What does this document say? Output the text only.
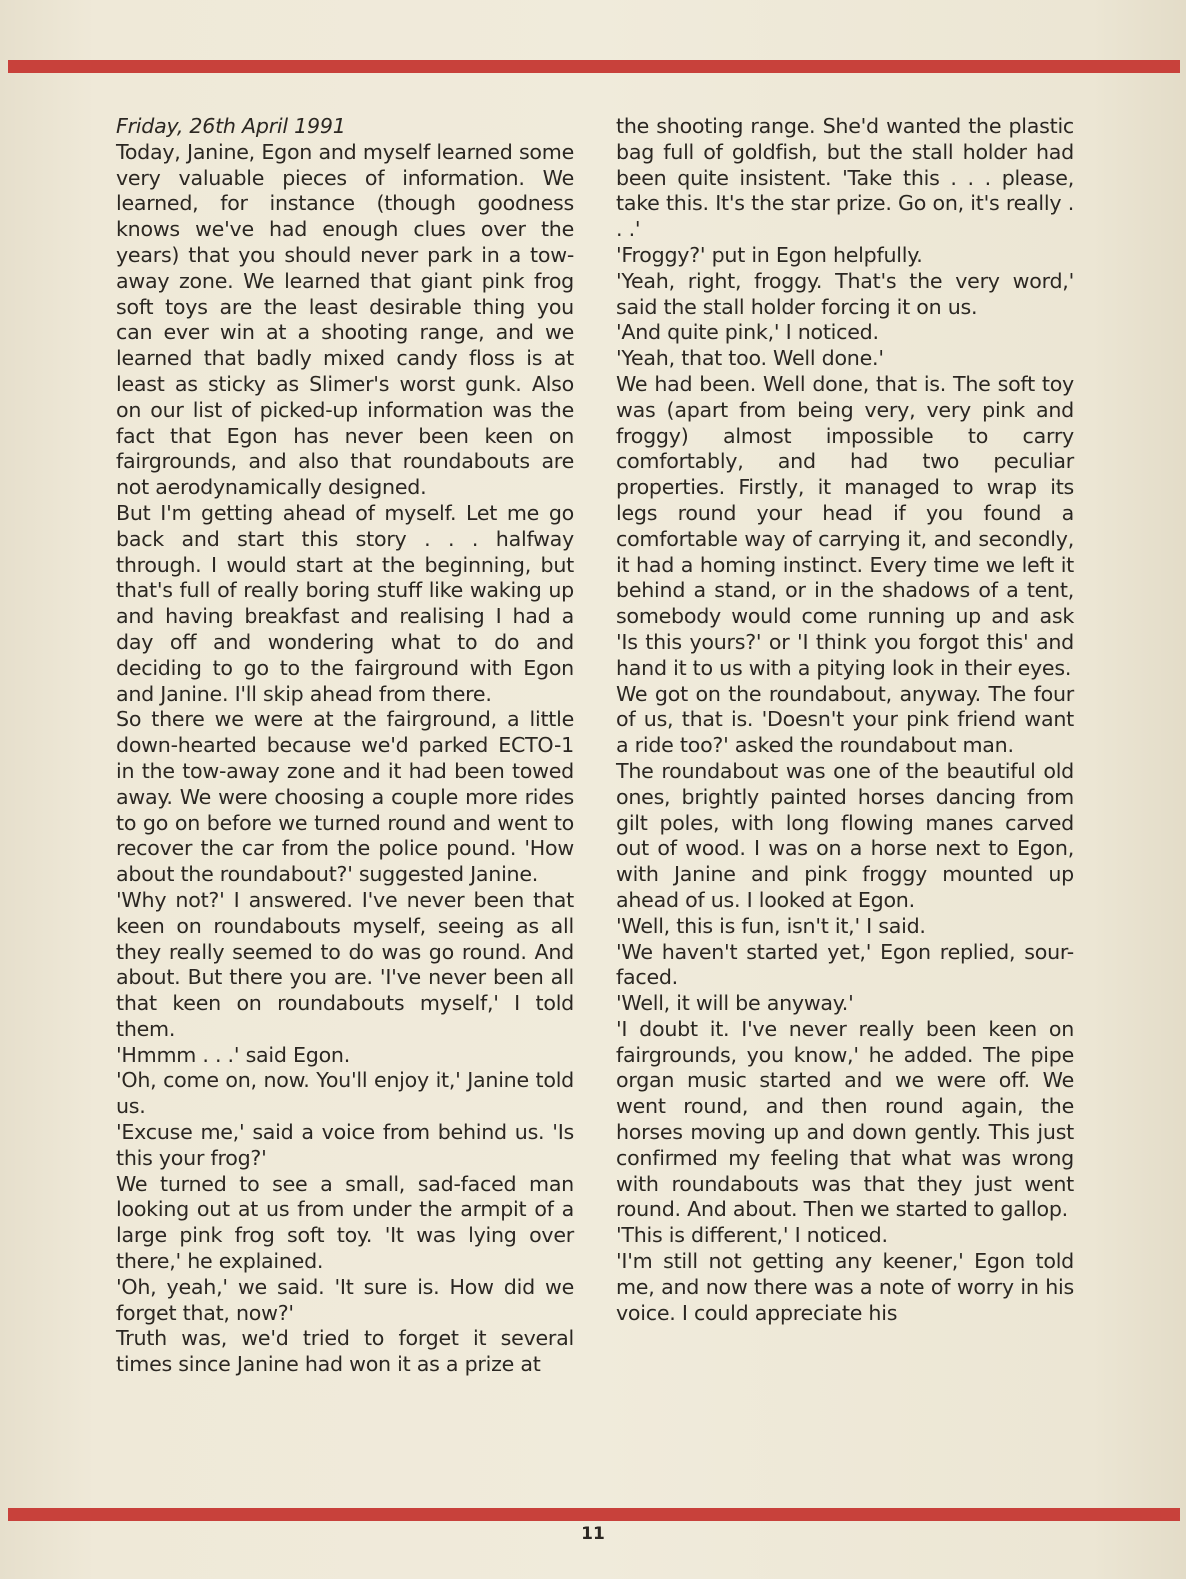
Friday, 26th April 1991

Today, Janine, Egon and myself learned some very valuable pieces of information. We learned, for instance (though goodness knows we've had enough clues over the years) that you should never park in a tow-away zone. We learned that giant pink frog soft toys are the least desirable thing you can ever win at a shooting range, and we learned that badly mixed candy floss is at least as sticky as Slimer's worst gunk. Also on our list of picked-up information was the fact that Egon has never been keen on fairgrounds, and also that roundabouts are not aerodynamically designed.

But I'm getting ahead of myself. Let me go back and start this story . . . halfway through. I would start at the beginning, but that's full of really boring stuff like waking up and having breakfast and realising I had a day off and wondering what to do and deciding to go to the fairground with Egon and Janine. I'll skip ahead from there.

So there we were at the fairground, a little down-hearted because we'd parked ECTO-1 in the tow-away zone and it had been towed away. We were choosing a couple more rides to go on before we turned round and went to recover the car from the police pound. 'How about the roundabout?' suggested Janine.

'Why not?' I answered. I've never been that keen on roundabouts myself, seeing as all they really seemed to do was go round. And about. But there you are. 'I've never been all that keen on roundabouts myself,' I told them.

'Hmmm . . .' said Egon.

'Oh, come on, now. You'll enjoy it,' Janine told us.

'Excuse me,' said a voice from behind us. 'Is this your frog?'

We turned to see a small, sad-faced man looking out at us from under the armpit of a large pink frog soft toy. 'It was lying over there,' he explained.

'Oh, yeah,' we said. 'It sure is. How did we forget that, now?'

Truth was, we'd tried to forget it several times since Janine had won it as a prize at

the shooting range. She'd wanted the plastic bag full of goldfish, but the stall holder had been quite insistent. 'Take this . . . please, take this. It's the star prize. Go on, it's really . . .'

'Froggy?' put in Egon helpfully.

'Yeah, right, froggy. That's the very word,' said the stall holder forcing it on us.

'And quite pink,' I noticed.

'Yeah, that too. Well done.'

We had been. Well done, that is. The soft toy was (apart from being very, very pink and froggy) almost impossible to carry comfortably, and had two peculiar properties. Firstly, it managed to wrap its legs round your head if you found a comfortable way of carrying it, and secondly, it had a homing instinct. Every time we left it behind a stand, or in the shadows of a tent, somebody would come running up and ask 'Is this yours?' or 'I think you forgot this' and hand it to us with a pitying look in their eyes.

We got on the roundabout, anyway. The four of us, that is. 'Doesn't your pink friend want a ride too?' asked the roundabout man.

The roundabout was one of the beautiful old ones, brightly painted horses dancing from gilt poles, with long flowing manes carved out of wood. I was on a horse next to Egon, with Janine and pink froggy mounted up ahead of us. I looked at Egon.

'Well, this is fun, isn't it,' I said.

'We haven't started yet,' Egon replied, sour-faced.

'Well, it will be anyway.'

'I doubt it. I've never really been keen on fairgrounds, you know,' he added. The pipe organ music started and we were off. We went round, and then round again, the horses moving up and down gently. This just confirmed my feeling that what was wrong with roundabouts was that they just went round. And about. Then we started to gallop.

'This is different,' I noticed.

'I'm still not getting any keener,' Egon told me, and now there was a note of worry in his voice. I could appreciate his

11
